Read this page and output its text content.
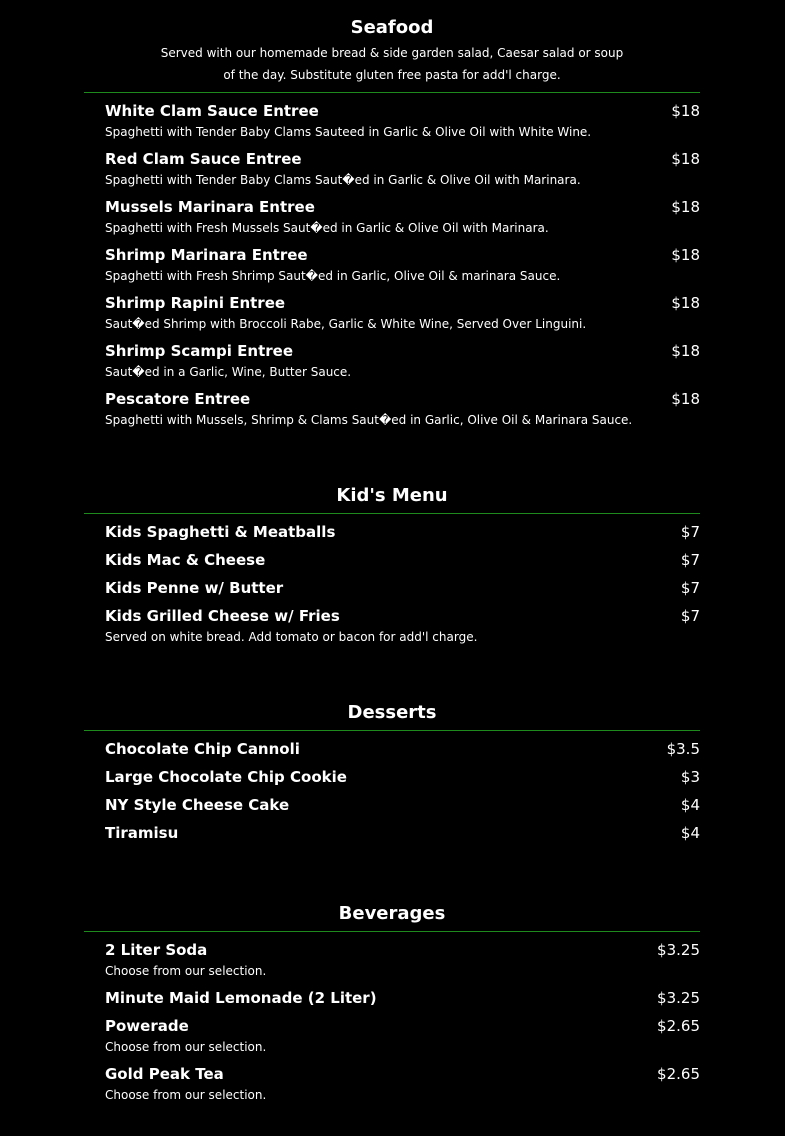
Seafood
Served with our homemade bread & side garden salad, Caesar salad or soup of the day. Substitute gluten free pasta for add'l charge.
White Clam Sauce Entree	$18
Spaghetti with Tender Baby Clams Sauteed in Garlic & Olive Oil with White Wine.
Red Clam Sauce Entree	$18
Spaghetti with Tender Baby Clams Saut�ed in Garlic & Olive Oil with Marinara.
Mussels Marinara Entree	$18
Spaghetti with Fresh Mussels Saut�ed in Garlic & Olive Oil with Marinara.
Shrimp Marinara Entree	$18
Spaghetti with Fresh Shrimp Saut�ed in Garlic, Olive Oil & marinara Sauce.
Shrimp Rapini Entree	$18
Saut�ed Shrimp with Broccoli Rabe, Garlic & White Wine, Served Over Linguini.
Shrimp Scampi Entree	$18
Saut�ed in a Garlic, Wine, Butter Sauce.
Pescatore Entree	$18
Spaghetti with Mussels, Shrimp & Clams Saut�ed in Garlic, Olive Oil & Marinara Sauce.
Kid's Menu
Kids Spaghetti & Meatballs	$7
Kids Mac & Cheese	$7
Kids Penne w/ Butter	$7
Kids Grilled Cheese w/ Fries	$7
Served on white bread. Add tomato or bacon for add'l charge.
Desserts
Chocolate Chip Cannoli	$3.5
Large Chocolate Chip Cookie	$3
NY Style Cheese Cake	$4
Tiramisu	$4
Beverages
2 Liter Soda	$3.25
Choose from our selection.
Minute Maid Lemonade (2 Liter)	$3.25
Powerade	$2.65
Choose from our selection.
Gold Peak Tea	$2.65
Choose from our selection.
